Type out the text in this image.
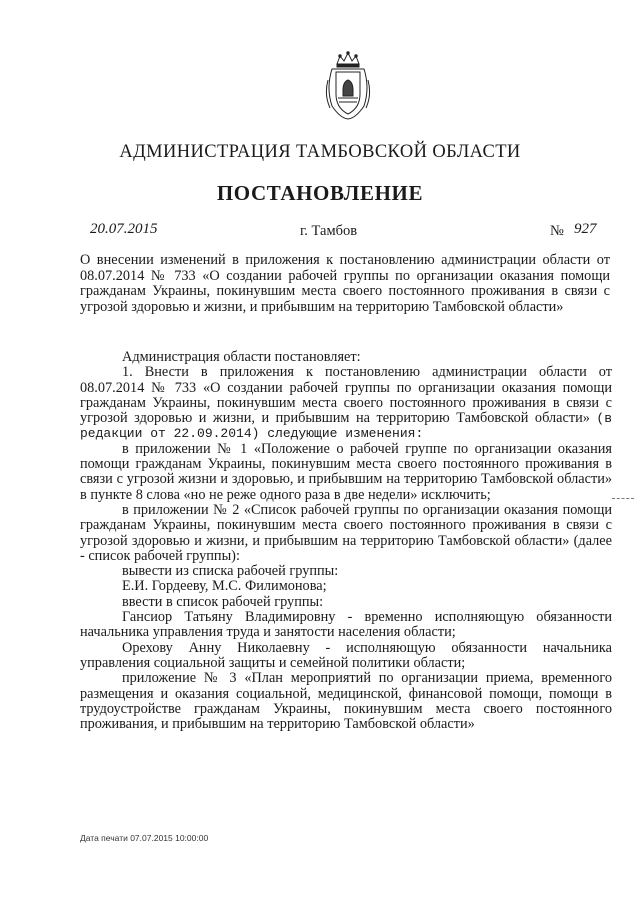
АДМИНИСТРАЦИЯ ТАМБОВСКОЙ ОБЛАСТИ
ПОСТАНОВЛЕНИЕ
20.07.2015	г. Тамбов	№ 927
О внесении изменений в приложения к постановлению администрации области от 08.07.2014 № 733 «О создании рабочей группы по организации оказания помощи гражданам Украины, покинувшим места своего постоянного проживания в связи с угрозой здоровью и жизни, и прибывшим на территорию Тамбовской области»

Администрация области постановляет:

1. Внести в приложения к постановлению администрации области от 08.07.2014 № 733 «О создании рабочей группы по организации оказания помощи гражданам Украины, покинувшим места своего постоянного проживания в связи с угрозой здоровью и жизни, и прибывшим на территорию Тамбовской области» (в редакции от 22.09.2014) следующие изменения:

в приложении № 1 «Положение о рабочей группе по организации оказания помощи гражданам Украины, покинувшим места своего постоянного проживания в связи с угрозой жизни и здоровью, и прибывшим на территорию Тамбовской области» в пункте 8 слова «но не реже одного раза в две недели» исключить;

в приложении № 2 «Список рабочей группы по организации оказания помощи гражданам Украины, покинувшим места своего постоянного проживания в связи с угрозой здоровью и жизни, и прибывшим на территорию Тамбовской области» (далее - список рабочей группы):

вывести из списка рабочей группы:

Е.И. Гордееву, М.С. Филимонова;

ввести в список рабочей группы:

Гансиор Татьяну Владимировну - временно исполняющую обязанности начальника управления труда и занятости населения области;

Орехову Анну Николаевну - исполняющую обязанности начальника управления социальной защиты и семейной политики области;

приложение № 3 «План мероприятий по организации приема, временного размещения и оказания социальной, медицинской, финансовой помощи, помощи в трудоустройстве гражданам Украины, покинувшим места своего постоянного проживания, и прибывшим на территорию Тамбовской области»

Дата печати 07.07.2015 10:00:00
